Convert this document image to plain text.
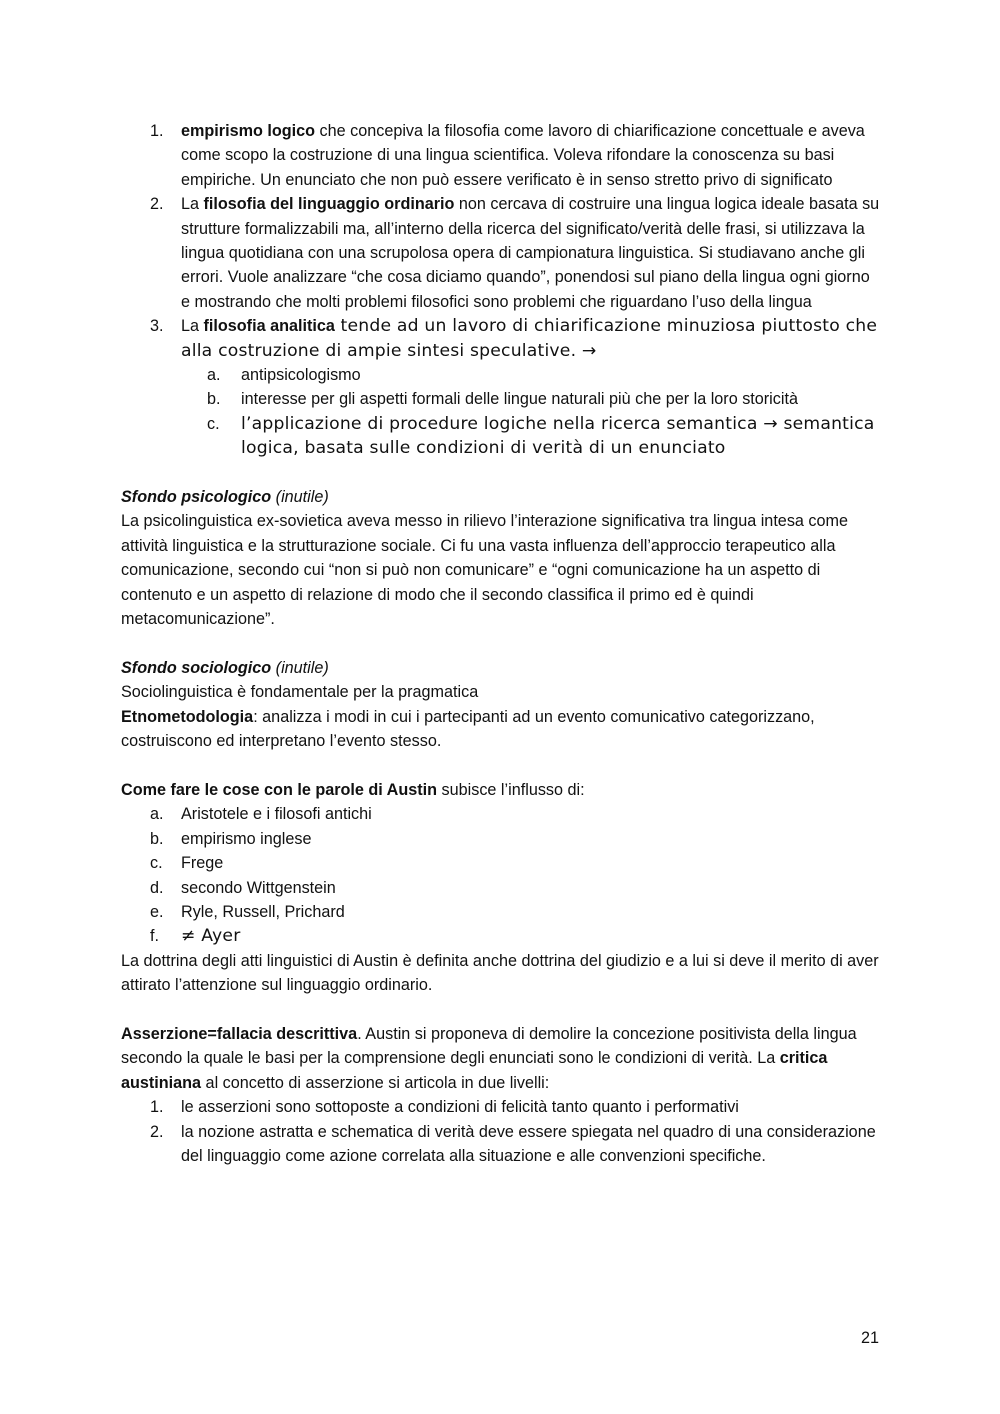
1. empirismo logico che concepiva la filosofia come lavoro di chiarificazione concettuale e aveva come scopo la costruzione di una lingua scientifica. Voleva rifondare la conoscenza su basi empiriche. Un enunciato che non può essere verificato è in senso stretto privo di significato
2. La filosofia del linguaggio ordinario non cercava di costruire una lingua logica ideale basata su strutture formalizzabili ma, all’interno della ricerca del significato/verità delle frasi, si utilizzava la lingua quotidiana con una scrupolosa opera di campionatura linguistica. Si studiavano anche gli errori. Vuole analizzare “che cosa diciamo quando”, ponendosi sul piano della lingua ogni giorno e mostrando che molti problemi filosofici sono problemi che riguardano l’uso della lingua
3. La filosofia analitica tende ad un lavoro di chiarificazione minuziosa piuttosto che alla costruzione di ampie sintesi speculative. →
a. antipsicologismo
b. interesse per gli aspetti formali delle lingue naturali più che per la loro storicità
c. l’applicazione di procedure logiche nella ricerca semantica → semantica logica, basata sulle condizioni di verità di un enunciato

Sfondo psicologico (inutile)

La psicolinguistica ex-sovietica aveva messo in rilievo l’interazione significativa tra lingua intesa come attività linguistica e la strutturazione sociale. Ci fu una vasta influenza dell’approccio terapeutico alla comunicazione, secondo cui “non si può non comunicare” e “ogni comunicazione ha un aspetto di contenuto e un aspetto di relazione di modo che il secondo classifica il primo ed è quindi metacomunicazione”.

Sfondo sociologico (inutile)

Sociolinguistica è fondamentale per la pragmatica

Etnometodologia: analizza i modi in cui i partecipanti ad un evento comunicativo categorizzano, costruiscono ed interpretano l’evento stesso.

Come fare le cose con le parole di Austin subisce l’influsso di:

a. Aristotele e i filosofi antichi
b. empirismo inglese
c. Frege
d. secondo Wittgenstein
e. Ryle, Russell, Prichard
f. ≠ Ayer

La dottrina degli atti linguistici di Austin è definita anche dottrina del giudizio e a lui si deve il merito di aver attirato l’attenzione sul linguaggio ordinario.

Asserzione=fallacia descrittiva. Austin si proponeva di demolire la concezione positivista della lingua secondo la quale le basi per la comprensione degli enunciati sono le condizioni di verità. La critica austiniana al concetto di asserzione si articola in due livelli:

1. le asserzioni sono sottoposte a condizioni di felicità tanto quanto i performativi
2. la nozione astratta e schematica di verità deve essere spiegata nel quadro di una considerazione del linguaggio come azione correlata alla situazione e alle convenzioni specifiche.
21
